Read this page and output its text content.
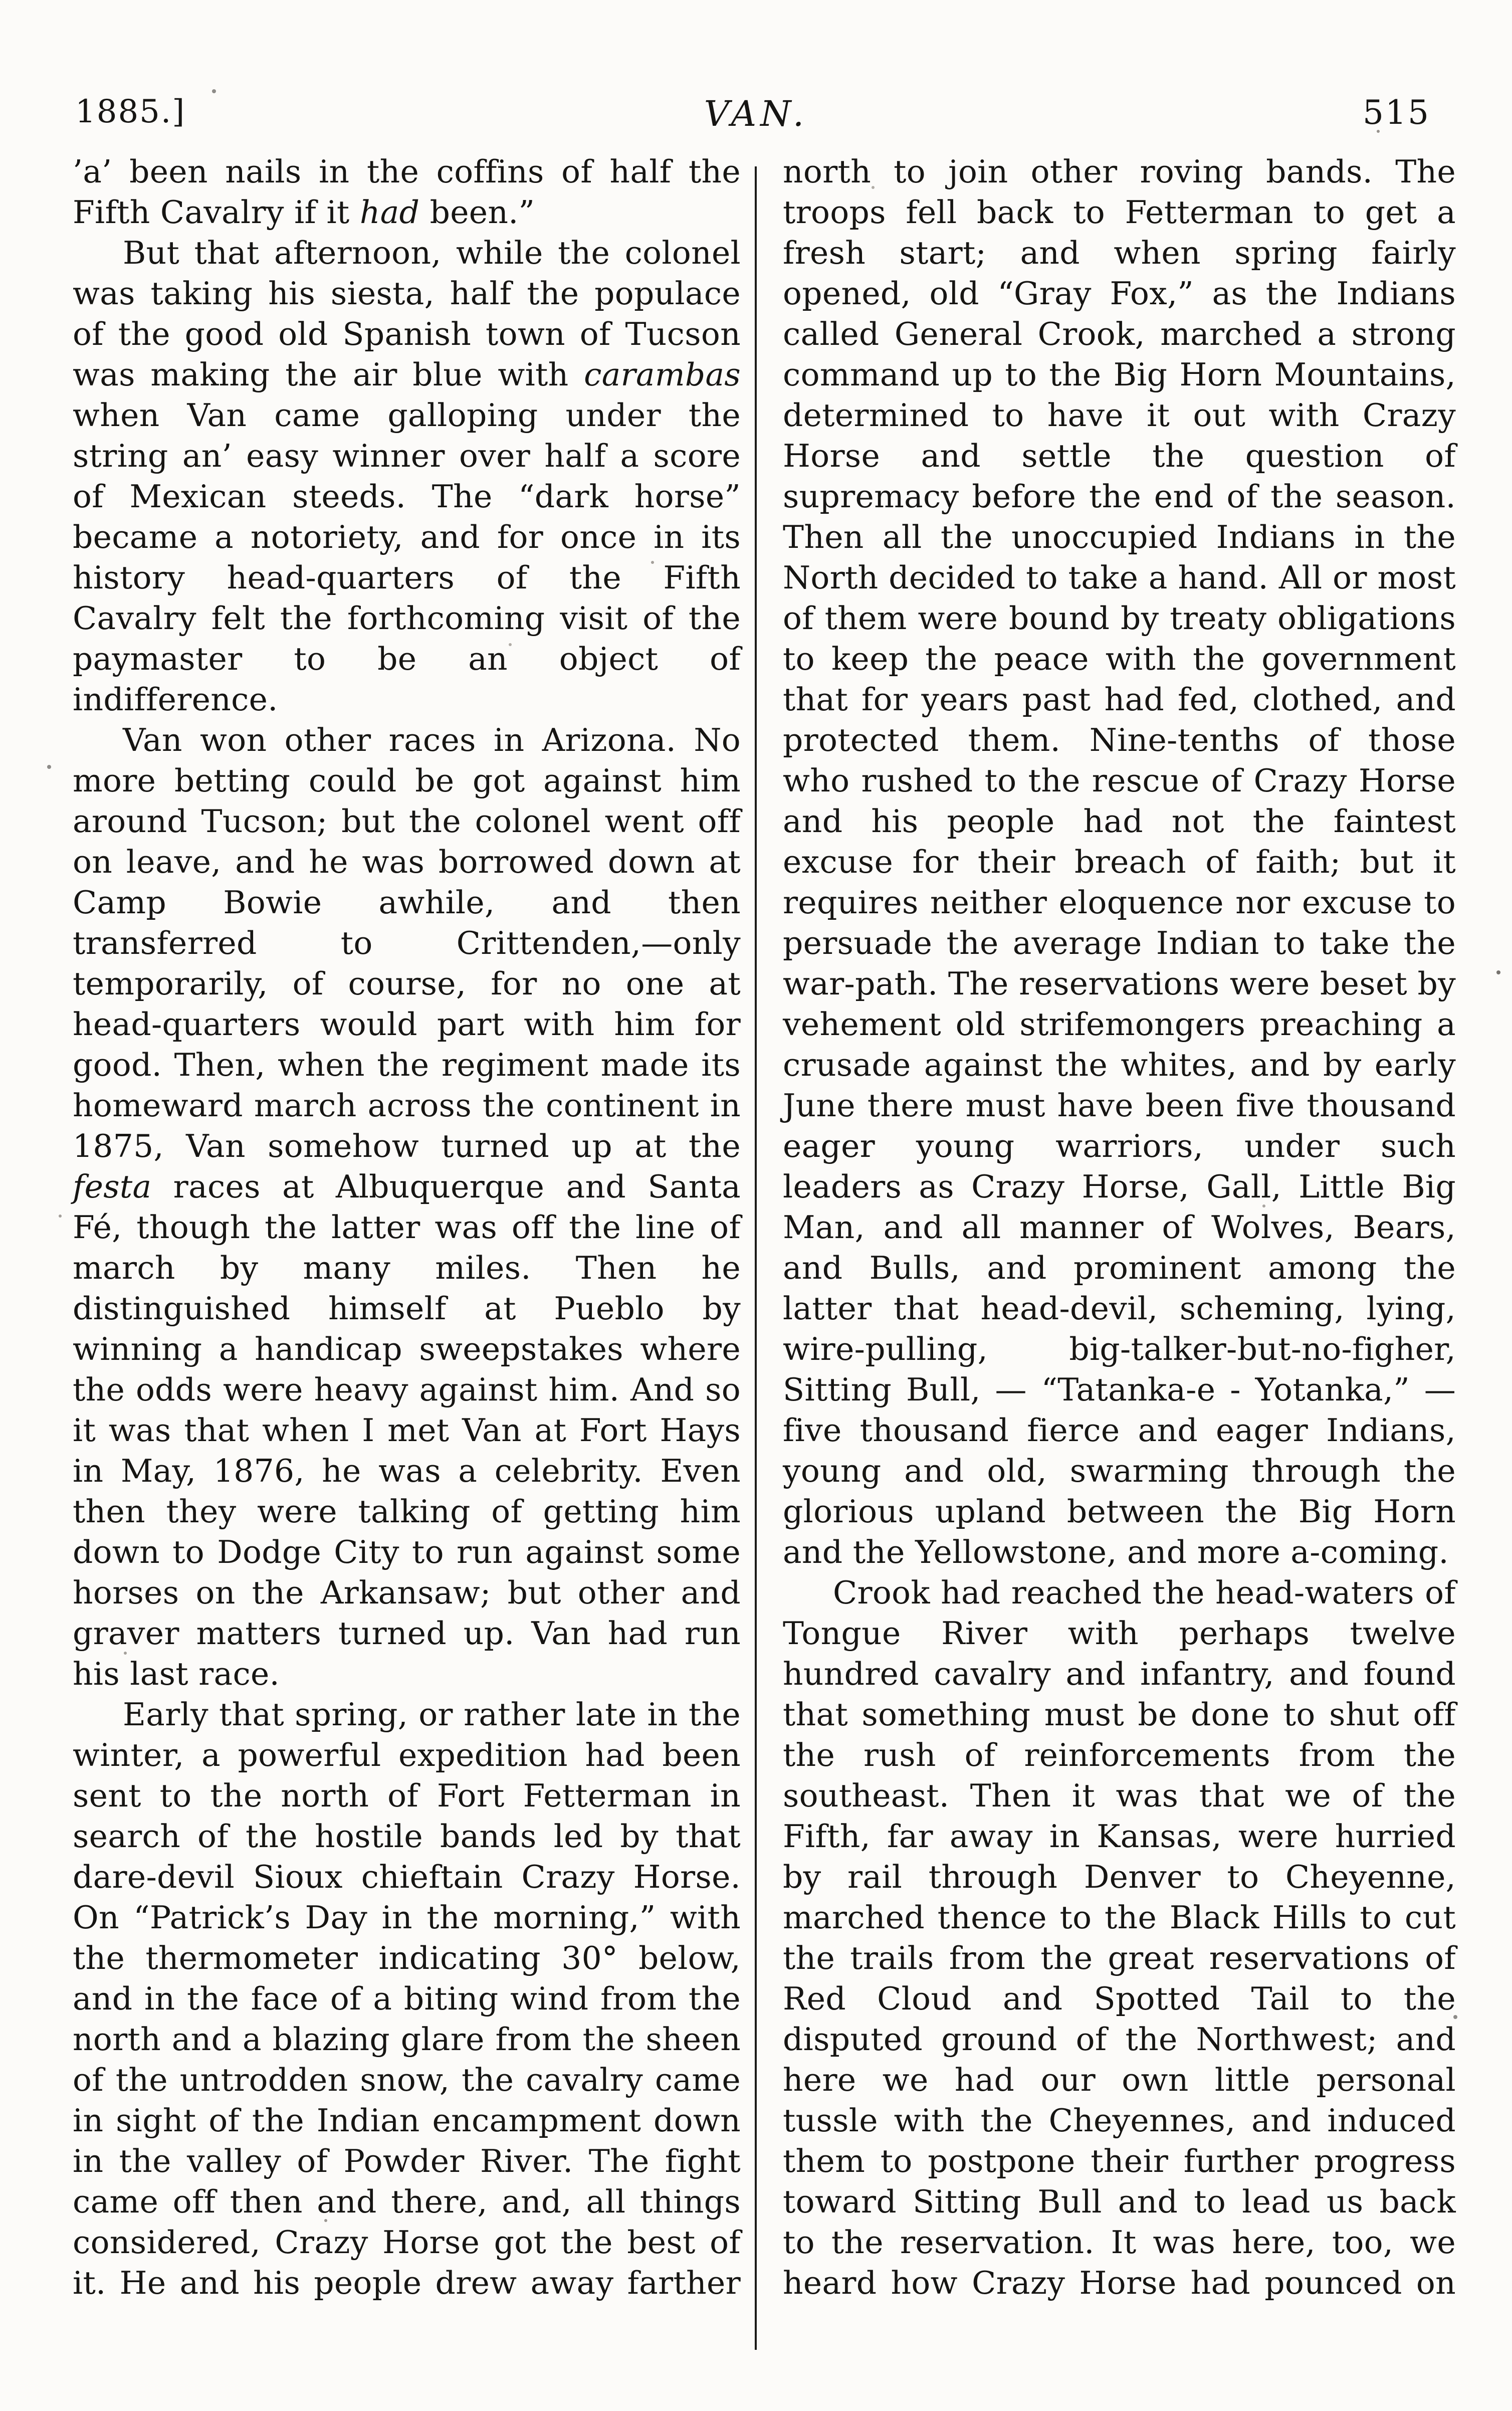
1885.]	VAN.	515

’a’ been nails in the coffins of half the Fifth Cavalry if it had been.”

But that afternoon, while the colonel was taking his siesta, half the populace of the good old Spanish town of Tucson was making the air blue with carambas when Van came galloping under the string an’ easy winner over half a score of Mexican steeds. The “dark horse” became a notoriety, and for once in its history head-quarters of the Fifth Cavalry felt the forthcoming visit of the paymaster to be an object of indifference.

Van won other races in Arizona. No more betting could be got against him around Tucson; but the colonel went off on leave, and he was borrowed down at Camp Bowie awhile, and then transferred to Crittenden,—only temporarily, of course, for no one at head-quarters would part with him for good. Then, when the regiment made its homeward march across the continent in 1875, Van somehow turned up at the festa races at Albuquerque and Santa Fé, though the latter was off the line of march by many miles. Then he distinguished himself at Pueblo by winning a handicap sweepstakes where the odds were heavy against him. And so it was that when I met Van at Fort Hays in May, 1876, he was a celebrity. Even then they were talking of getting him down to Dodge City to run against some horses on the Arkansaw; but other and graver matters turned up. Van had run his last race.

Early that spring, or rather late in the winter, a powerful expedition had been sent to the north of Fort Fetterman in search of the hostile bands led by that dare-devil Sioux chieftain Crazy Horse. On “Patrick’s Day in the morning,” with the thermometer indicating 30° below, and in the face of a biting wind from the north and a blazing glare from the sheen of the untrodden snow, the cavalry came in sight of the Indian encampment down in the valley of Powder River. The fight came off then and there, and, all things considered, Crazy Horse got the best of it. He and his people drew away farther

north to join other roving bands. The troops fell back to Fetterman to get a fresh start; and when spring fairly opened, old “Gray Fox,” as the Indians called General Crook, marched a strong command up to the Big Horn Mountains, determined to have it out with Crazy Horse and settle the question of supremacy before the end of the season. Then all the unoccupied Indians in the North decided to take a hand. All or most of them were bound by treaty obligations to keep the peace with the government that for years past had fed, clothed, and protected them. Nine-tenths of those who rushed to the rescue of Crazy Horse and his people had not the faintest excuse for their breach of faith; but it requires neither eloquence nor excuse to persuade the average Indian to take the war-path. The reservations were beset by vehement old strifemongers preaching a crusade against the whites, and by early June there must have been five thousand eager young warriors, under such leaders as Crazy Horse, Gall, Little Big Man, and all manner of Wolves, Bears, and Bulls, and prominent among the latter that head-devil, scheming, lying, wire-pulling, big-talker-but-no-figher, Sitting Bull, — “Tatanka-e - Yotanka,” — five thousand fierce and eager Indians, young and old, swarming through the glorious upland between the Big Horn and the Yellowstone, and more a-coming.

Crook had reached the head-waters of Tongue River with perhaps twelve hundred cavalry and infantry, and found that something must be done to shut off the rush of reinforcements from the southeast. Then it was that we of the Fifth, far away in Kansas, were hurried by rail through Denver to Cheyenne, marched thence to the Black Hills to cut the trails from the great reservations of Red Cloud and Spotted Tail to the disputed ground of the Northwest; and here we had our own little personal tussle with the Cheyennes, and induced them to postpone their further progress toward Sitting Bull and to lead us back to the reservation. It was here, too, we heard how Crazy Horse had pounced on
